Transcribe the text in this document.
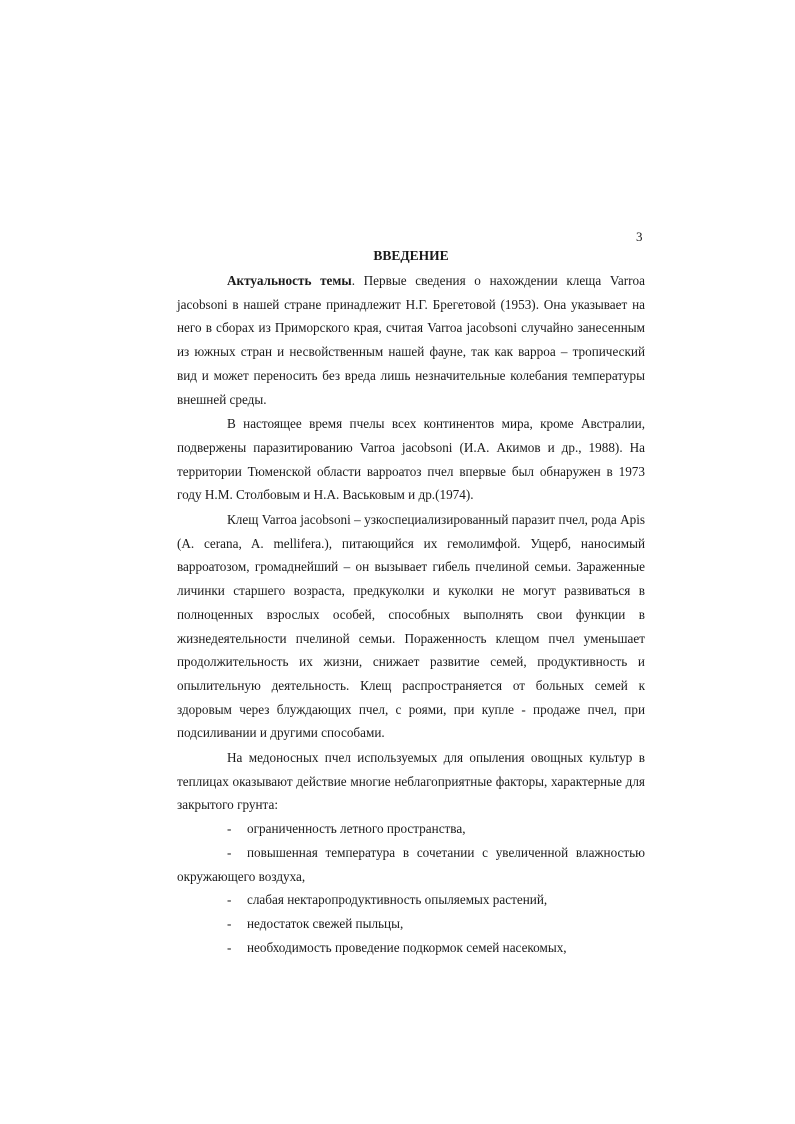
3

ВВЕДЕНИЕ

Актуальность темы. Первые сведения о нахождении клеща Varroa jacobsoni в нашей стране принадлежит Н.Г. Брегетовой (1953). Она указывает на него в сборах из Приморского края, считая Varroa jacobsoni случайно занесенным из южных стран и несвойственным нашей фауне, так как варроа – тропический вид и может переносить без вреда лишь незначительные колебания температуры внешней среды.

В настоящее время пчелы всех континентов мира, кроме Австралии, подвержены паразитированию Varroa jacobsoni (И.А. Акимов и др., 1988). На территории Тюменской области варроатоз пчел впервые был обнаружен в 1973 году Н.М. Столбовым и Н.А. Васьковым и др.(1974).

Клещ Varroa jacobsoni – узкоспециализированный паразит пчел, рода Apis (A. cerana, A. mellifera.), питающийся их гемолимфой. Ущерб, наносимый варроатозом, громаднейший – он вызывает гибель пчелиной семьи. Зараженные личинки старшего возраста, предкуколки и куколки не могут развиваться в полноценных взрослых особей, способных выполнять свои функции в жизнедеятельности пчелиной семьи. Пораженность клещом пчел уменьшает продолжительность их жизни, снижает развитие семей, продуктивность и опылительную деятельность. Клещ распространяется от больных семей к здоровым через блуждающих пчел, с роями, при купле - продаже пчел, при подсиливании и другими способами.

На медоносных пчел используемых для опыления овощных культур в теплицах оказывают действие многие неблагоприятные факторы, характерные для закрытого грунта:

- ограниченность летного пространства,
- повышенная температура в сочетании с увеличенной влажностью окружающего воздуха,
- слабая нектаропродуктивность опыляемых растений,
- недостаток свежей пыльцы,
- необходимость проведение подкормок семей насекомых,
